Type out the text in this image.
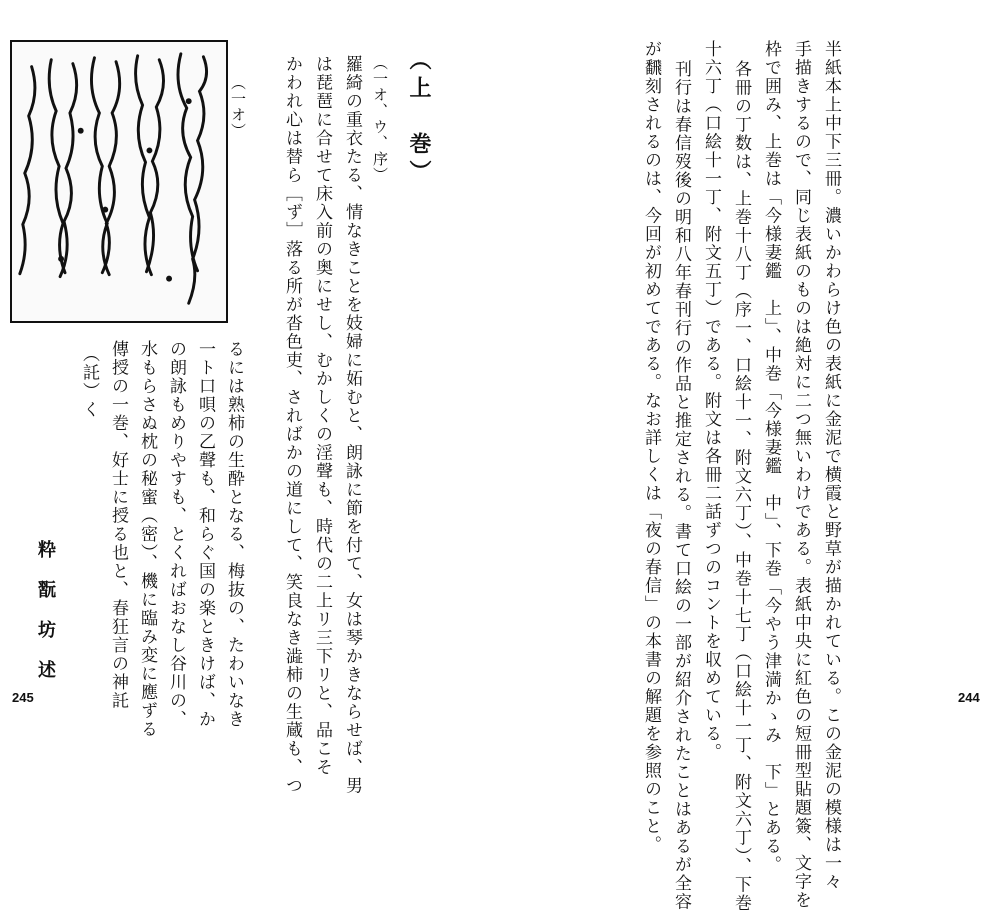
（一オ）	（上　巻）
（一オ、ウ、序）
羅綺の重衣たる、情なきことを妓婦に妬むと、朗詠に節を付て、女は琴かきならせば、男
は琵琶に合せて床入前の奥にせし、むかしくの淫聲も、時代の二上リ三下リと、品こそ
かわれ心は替ら［ず］落る所が沓色吏、さればかの道にして、笑良なき澁柿の生蔵も、つ
るには熟柿の生酔となる、梅抜の、たわいなき
一ト口唄の乙聲も、和らぐ国の楽ときけば、か
の朗詠もめりやすも、とくればおなし谷川の、
水もらさぬ枕の秘蜜（密）、機に臨み変に應ずる
傳授の一巻、好士に授る也と、春狂言の神託
（託）く
粋翫坊述
245	半紙本上中下三冊。濃いかわらけ色の表紙に金泥で横霞と野草が描かれている。この金泥の模様は一々
手描きするので、同じ表紙のものは絶対に二つ無いわけである。表紙中央に紅色の短冊型貼題簽、文字を
枠で囲み、上巻は「今様妻鑑　上」、中巻「今様妻鑑　中」、下巻「今やう津満かゝみ　下」とある。
各冊の丁数は、上巻十八丁（序一、口絵十一、附文六丁）、中巻十七丁（口絵十一丁、附文六丁）、下巻
十六丁（口絵十一丁、附文五丁）である。附文は各冊二話ずつのコントを収めている。
刊行は春信歿後の明和八年春刊行の作品と推定される。書て口絵の一部が紹介されたことはあるが全容
が飜刻されるのは、今回が初めてである。なお詳しくは「夜の春信」の本書の解題を参照のこと。	244
